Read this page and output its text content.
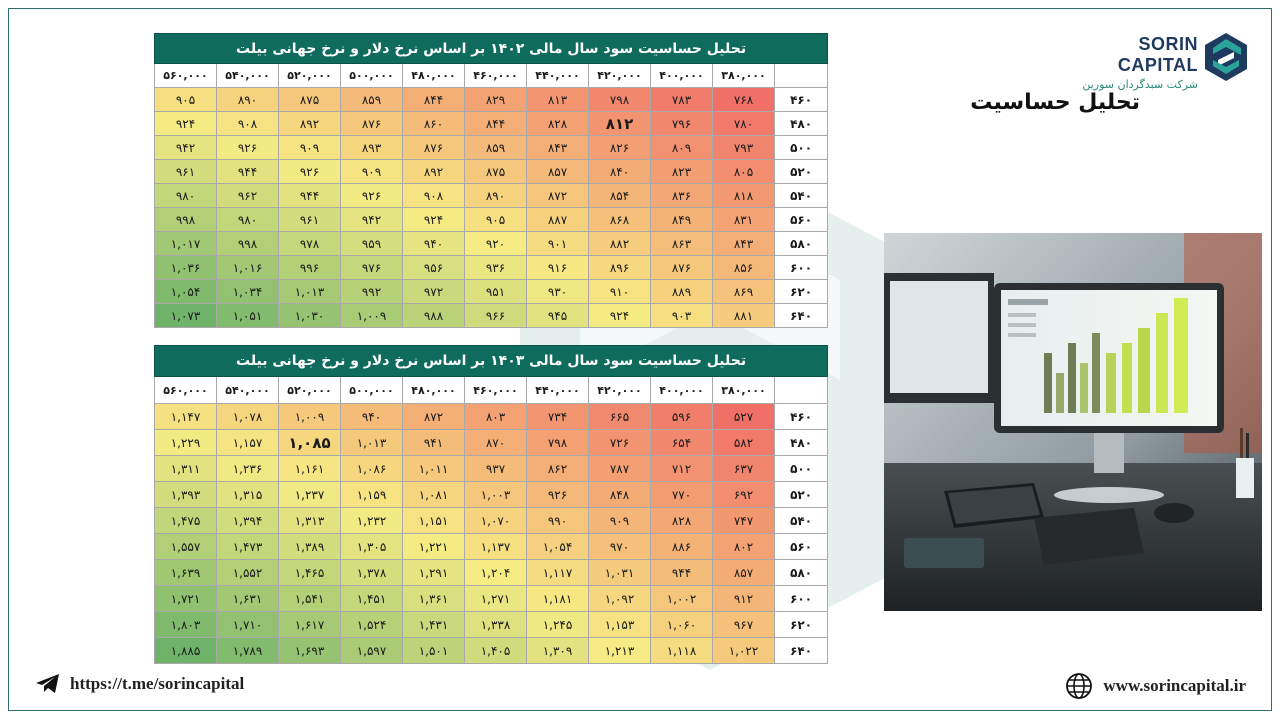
تحلیل حساسیت سود سال مالی ۱۴۰۲ بر اساس نرخ دلار و نرخ جهانی بیلت										
۵۶۰,۰۰۰	۵۴۰,۰۰۰	۵۲۰,۰۰۰	۵۰۰,۰۰۰	۴۸۰,۰۰۰	۴۶۰,۰۰۰	۴۴۰,۰۰۰	۴۲۰,۰۰۰	۴۰۰,۰۰۰	۳۸۰,۰۰۰	
۹۰۵	۸۹۰	۸۷۵	۸۵۹	۸۴۴	۸۲۹	۸۱۳	۷۹۸	۷۸۳	۷۶۸	۴۶۰
۹۲۴	۹۰۸	۸۹۲	۸۷۶	۸۶۰	۸۴۴	۸۲۸	۸۱۲	۷۹۶	۷۸۰	۴۸۰
۹۴۲	۹۲۶	۹۰۹	۸۹۳	۸۷۶	۸۵۹	۸۴۳	۸۲۶	۸۰۹	۷۹۳	۵۰۰
۹۶۱	۹۴۴	۹۲۶	۹۰۹	۸۹۲	۸۷۵	۸۵۷	۸۴۰	۸۲۳	۸۰۵	۵۲۰
۹۸۰	۹۶۲	۹۴۴	۹۲۶	۹۰۸	۸۹۰	۸۷۲	۸۵۴	۸۳۶	۸۱۸	۵۴۰
۹۹۸	۹۸۰	۹۶۱	۹۴۲	۹۲۴	۹۰۵	۸۸۷	۸۶۸	۸۴۹	۸۳۱	۵۶۰
۱,۰۱۷	۹۹۸	۹۷۸	۹۵۹	۹۴۰	۹۲۰	۹۰۱	۸۸۲	۸۶۳	۸۴۳	۵۸۰
۱,۰۳۶	۱,۰۱۶	۹۹۶	۹۷۶	۹۵۶	۹۳۶	۹۱۶	۸۹۶	۸۷۶	۸۵۶	۶۰۰
۱,۰۵۴	۱,۰۳۴	۱,۰۱۳	۹۹۲	۹۷۲	۹۵۱	۹۳۰	۹۱۰	۸۸۹	۸۶۹	۶۲۰
۱,۰۷۳	۱,۰۵۱	۱,۰۳۰	۱,۰۰۹	۹۸۸	۹۶۶	۹۴۵	۹۲۴	۹۰۳	۸۸۱	۶۴۰
تحلیل حساسیت سود سال مالی ۱۴۰۳ بر اساس نرخ دلار و نرخ جهانی بیلت										
۵۶۰,۰۰۰	۵۴۰,۰۰۰	۵۲۰,۰۰۰	۵۰۰,۰۰۰	۴۸۰,۰۰۰	۴۶۰,۰۰۰	۴۴۰,۰۰۰	۴۲۰,۰۰۰	۴۰۰,۰۰۰	۳۸۰,۰۰۰	
۱,۱۴۷	۱,۰۷۸	۱,۰۰۹	۹۴۰	۸۷۲	۸۰۳	۷۳۴	۶۶۵	۵۹۶	۵۲۷	۴۶۰
۱,۲۲۹	۱,۱۵۷	۱,۰۸۵	۱,۰۱۳	۹۴۱	۸۷۰	۷۹۸	۷۲۶	۶۵۴	۵۸۲	۴۸۰
۱,۳۱۱	۱,۲۳۶	۱,۱۶۱	۱,۰۸۶	۱,۰۱۱	۹۳۷	۸۶۲	۷۸۷	۷۱۲	۶۳۷	۵۰۰
۱,۳۹۳	۱,۳۱۵	۱,۲۳۷	۱,۱۵۹	۱,۰۸۱	۱,۰۰۳	۹۲۶	۸۴۸	۷۷۰	۶۹۲	۵۲۰
۱,۴۷۵	۱,۳۹۴	۱,۳۱۳	۱,۲۳۲	۱,۱۵۱	۱,۰۷۰	۹۹۰	۹۰۹	۸۲۸	۷۴۷	۵۴۰
۱,۵۵۷	۱,۴۷۳	۱,۳۸۹	۱,۳۰۵	۱,۲۲۱	۱,۱۳۷	۱,۰۵۴	۹۷۰	۸۸۶	۸۰۲	۵۶۰
۱,۶۳۹	۱,۵۵۲	۱,۴۶۵	۱,۳۷۸	۱,۲۹۱	۱,۲۰۴	۱,۱۱۷	۱,۰۳۱	۹۴۴	۸۵۷	۵۸۰
۱,۷۲۱	۱,۶۳۱	۱,۵۴۱	۱,۴۵۱	۱,۳۶۱	۱,۲۷۱	۱,۱۸۱	۱,۰۹۲	۱,۰۰۲	۹۱۲	۶۰۰
۱,۸۰۳	۱,۷۱۰	۱,۶۱۷	۱,۵۲۴	۱,۴۳۱	۱,۳۳۸	۱,۲۴۵	۱,۱۵۳	۱,۰۶۰	۹۶۷	۶۲۰
۱,۸۸۵	۱,۷۸۹	۱,۶۹۳	۱,۵۹۷	۱,۵۰۱	۱,۴۰۵	۱,۳۰۹	۱,۲۱۳	۱,۱۱۸	۱,۰۲۲	۶۴۰
SORIN CAPITAL
شرکت سبدگردان سورین
تحلیل حساسیت
https://t.me/sorincapital	www.sorincapital.ir
